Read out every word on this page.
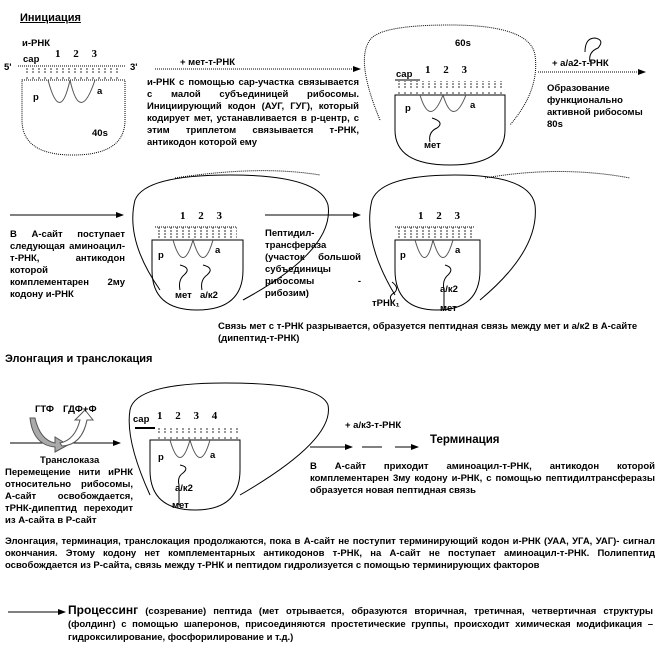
Инициация
и-РНК
cap 1 2 3
5'	3'
p
a
40s
+ мет-т-РНК
и-РНК с помощью cap-участка связывается с малой субъединицей рибосомы. Инициирующий кодон (АУГ, ГУГ), который кодирует мет, устанавливается в р-центр, с этим триплетом связывается т-РНК, антикодон которой ему
60s
cap 1 2 3
p	a
мет
+ а/а2-т-РНК
Образование функционально активной рибосомы 80s
В А-сайт поступает следующая аминоацил-т-РНК, антикодон которой комплементарен 2му кодону и-РНК
1 2 3
p	a
мет а/к2
Пептидил-трансфераза (участок большой субъединицы рибосомы - рибозим)
1 2 3
p	a
а/к2
тРНК₁	мет
Связь мет с т-РНК разрывается, образуется пептидная связь между мет и а/к2 в А-сайте (дипептид-т-РНК)
Элонгация и транслокация
ГТФ ГДФ+Ф
Транслоказа
Перемещение нити иРНК относительно рибосомы, А-сайт освобождается, тРНК-дипептид переходит из А-сайта в Р-сайт
cap 1 2 3 4
p	a
а/к2
мет
+ а/к3-т-РНК
Терминация
В А-сайт приходит аминоацил-т-РНК, антикодон которой комплементарен 3му кодону и-РНК, с помощью пептидилтрансферазы образуется новая пептидная связь
Элонгация, терминация, транслокация продолжаются, пока в А-сайт не поступит терминирующий кодон и-РНК (УАА, УГА, УАГ)- сигнал окончания. Этому кодону нет комплементарных антикодонов т-РНК, на А-сайт не поступает аминоацил-т-РНК. Полипептид освобождается из Р-сайта, связь между т-РНК и пептидом гидролизуется с помощью терминирующих факторов
Процессинг (созревание) пептида (мет отрывается, образуются вторичная, третичная, четвертичная структуры (фолдинг) с помощью шаперонов, присоединяются простетические группы, происходит химическая модификация – гидроксилирование, фосфорилирование и т.д.)
